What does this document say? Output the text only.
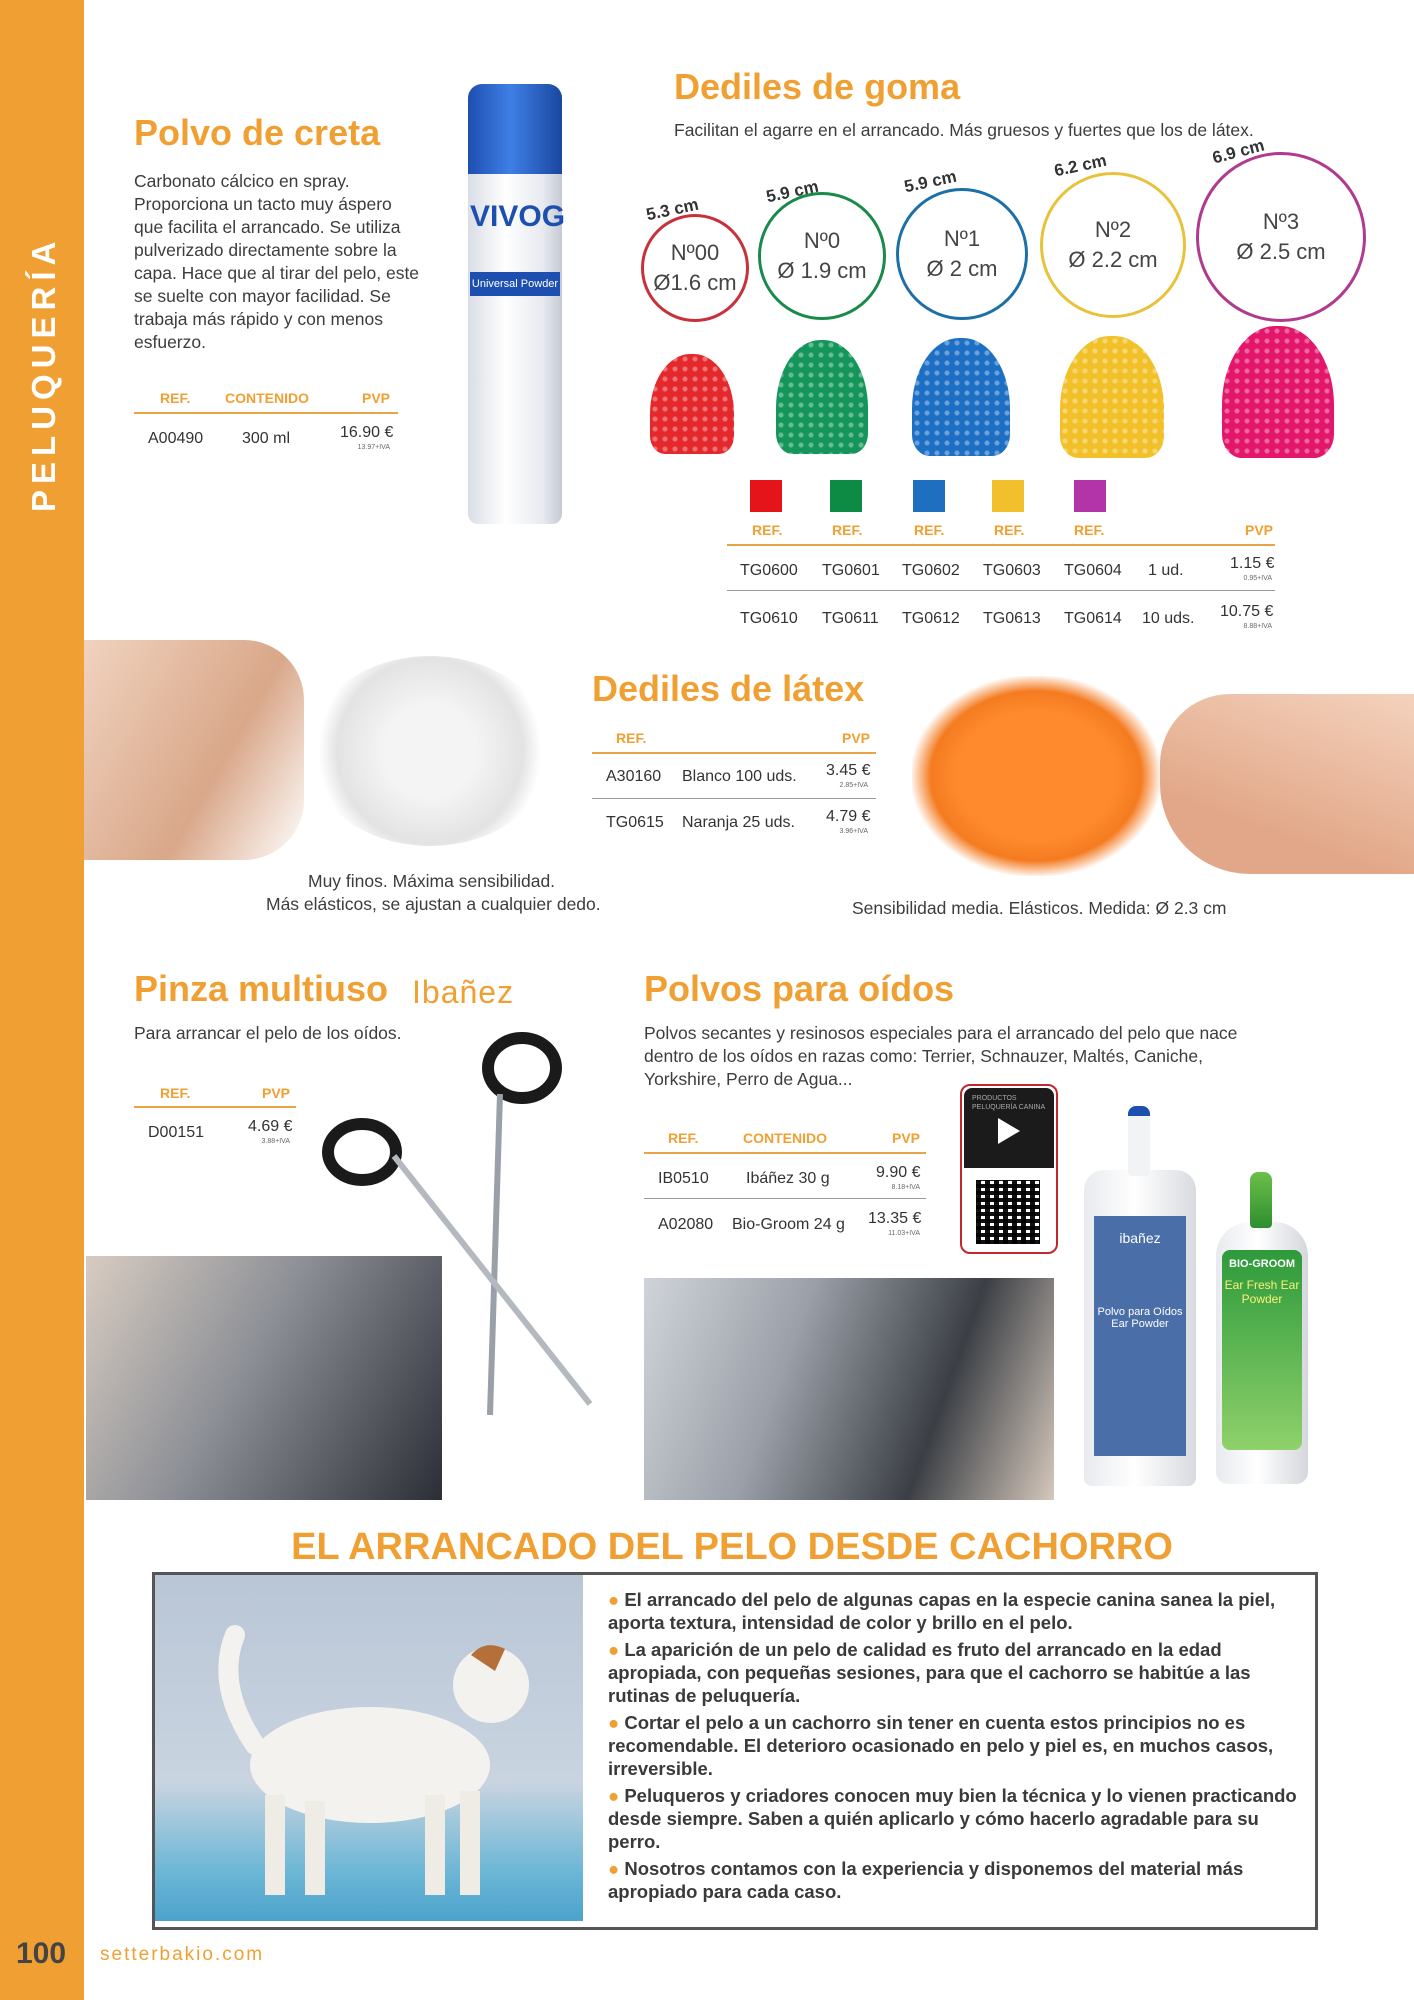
PELUQUERÍA
100 setterbakio.com
Polvo de creta
Carbonato cálcico en spray. Proporciona un tacto muy áspero que facilita el arrancado. Se utiliza pulverizado directamente sobre la capa. Hace que al tirar del pelo, este se suelte con mayor facilidad. Se trabaja más rápido y con menos esfuerzo.
REF. CONTENIDO	PVP
A00490 300 ml	16.90 €
13.97+IVA
VIVOG
Universal Powder
Dediles de goma
Facilitan el agarre en el arrancado. Más gruesos y fuertes que los de látex.
5.3 cm
5.9 cm	5.9 cm
6.2 cm	6.9 cm
Nº00
Ø1.6 cm
Nº0
Ø 1.9 cm
Nº1
Ø 2 cm
Nº2
Ø 2.2 cm
Nº3
Ø 2.5 cm
REF.	REF.	REF.	REF.	REF.	PVP
TG0600 TG0601 TG0602 TG0603 TG0604 1 ud.	1.15 €
0.95+IVA
TG0610 TG0611 TG0612 TG0613 TG0614 10 uds. 10.75 €
8.88+IVA
Dediles de látex
REF.	PVP
A30160 Blanco 100 uds. 3.45 €
2.85+IVA
TG0615 Naranja 25 uds. 4.79 €
3.96+IVA
Muy finos. Máxima sensibilidad.
Más elásticos, se ajustan a cualquier dedo.	Sensibilidad media. Elásticos. Medida: Ø 2.3 cm
Pinza multiuso Ibañez
Para arrancar el pelo de los oídos.
REF.	PVP
D00151	4.69 €
3.88+IVA
Polvos para oídos
Polvos secantes y resinosos especiales para el arrancado del pelo que nace dentro de los oídos en razas como: Terrier, Schnauzer, Maltés, Caniche, Yorkshire, Perro de Agua...
REF.	CONTENIDO	PVP
IB0510 Ibáñez 30 g	9.90 €
8.18+IVA
A02080 Bio-Groom 24 g 13.35 €
11.03+IVA
PRODUCTOS PELUQUERÍA CANINA
ibañez
Polvo para Oídos Ear Powder
BIO-GROOM
Ear Fresh Ear Powder
EL ARRANCADO DEL PELO DESDE CACHORRO

● El arrancado del pelo de algunas capas en la especie canina sanea la piel, aporta textura, intensidad de color y brillo en el pelo.

● La aparición de un pelo de calidad es fruto del arrancado en la edad apropiada, con pequeñas sesiones, para que el cachorro se habitúe a las rutinas de peluquería.

● Cortar el pelo a un cachorro sin tener en cuenta estos principios no es recomendable. El deterioro ocasionado en pelo y piel es, en muchos casos, irreversible.

● Peluqueros y criadores conocen muy bien la técnica y lo vienen practicando desde siempre. Saben a quién aplicarlo y cómo hacerlo agradable para su perro.

● Nosotros contamos con la experiencia y disponemos del material más apropiado para cada caso.
